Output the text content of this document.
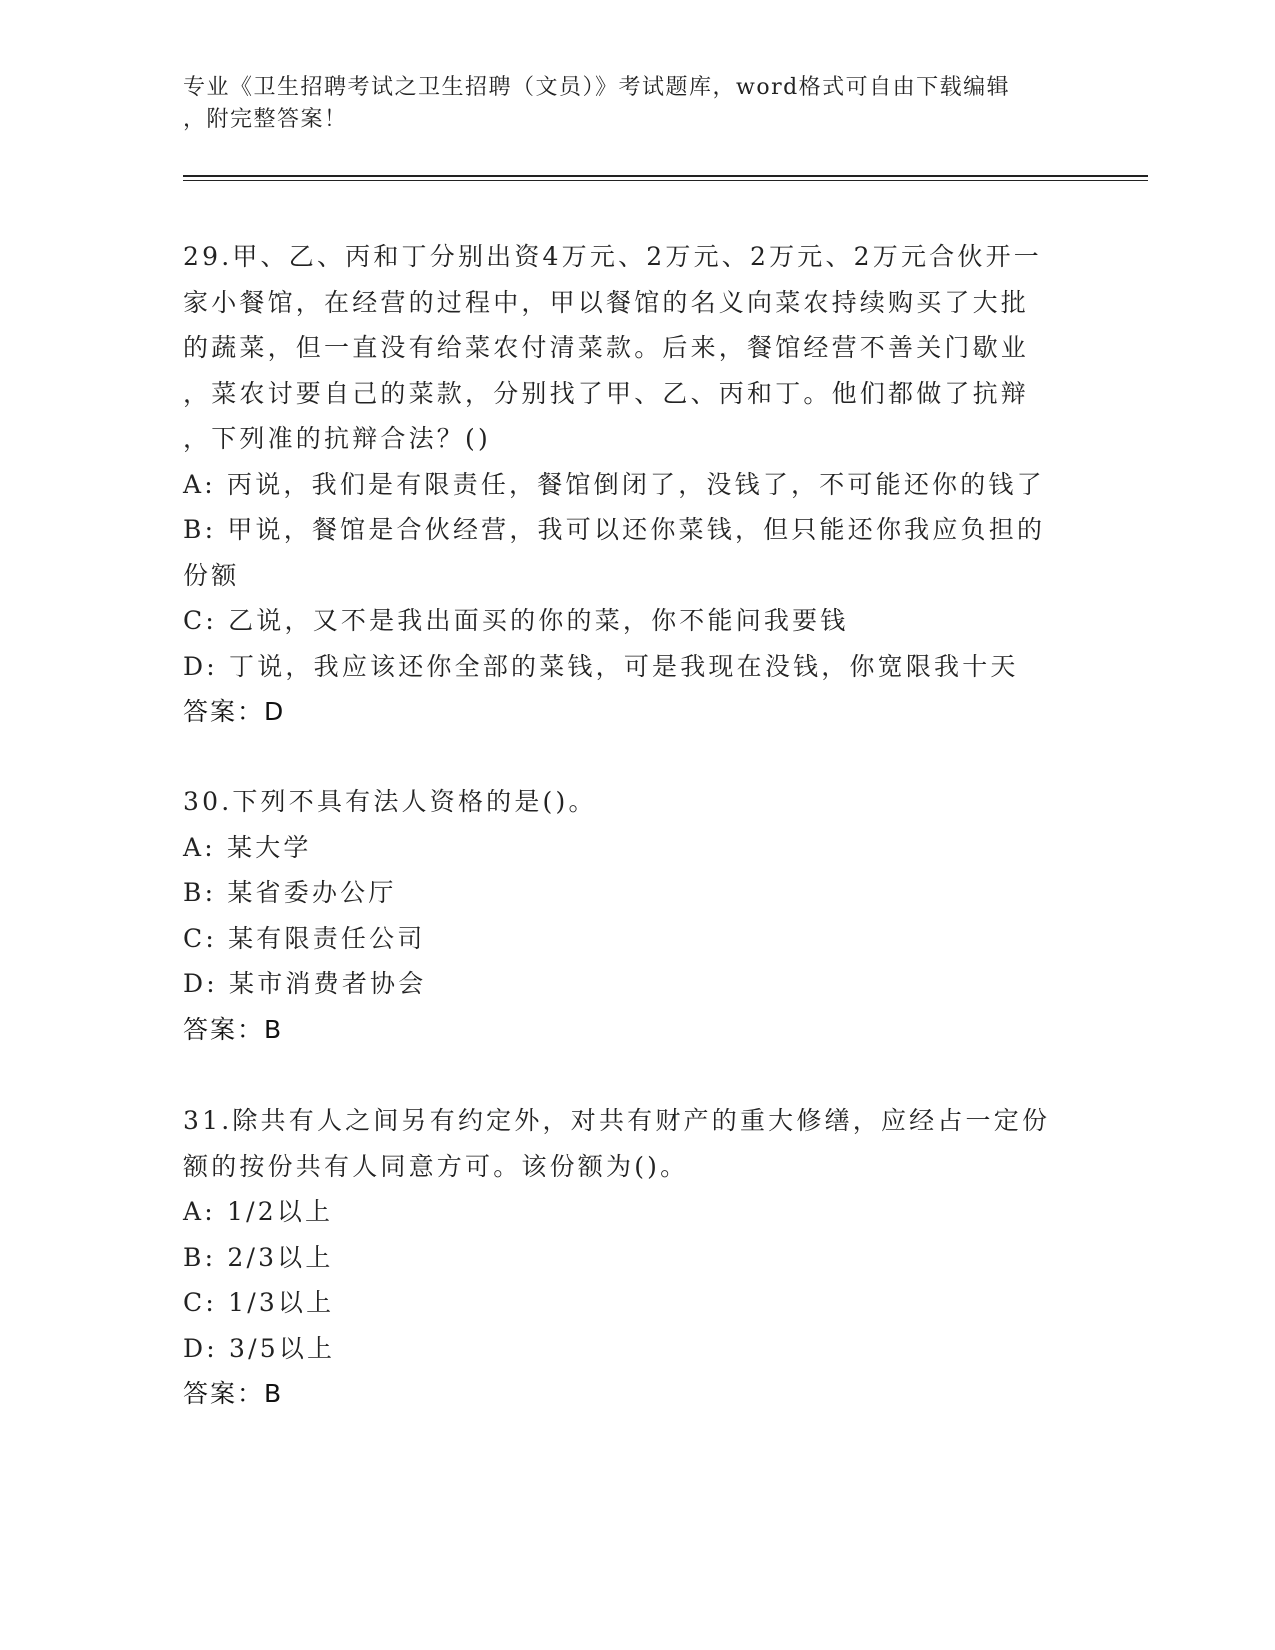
专业《卫生招聘考试之卫生招聘（文员）》考试题库，word格式可自由下载编辑
，附完整答案！
29.甲、乙、丙和丁分别出资4万元、2万元、2万元、2万元合伙开一
家小餐馆，在经营的过程中，甲以餐馆的名义向菜农持续购买了大批
的蔬菜，但一直没有给菜农付清菜款。后来，餐馆经营不善关门歇业
，菜农讨要自己的菜款，分别找了甲、乙、丙和丁。他们都做了抗辩
，下列准的抗辩合法？()
A: 丙说，我们是有限责任，餐馆倒闭了，没钱了，不可能还你的钱了
B: 甲说，餐馆是合伙经营，我可以还你菜钱，但只能还你我应负担的
份额
C: 乙说，又不是我出面买的你的菜，你不能问我要钱
D: 丁说，我应该还你全部的菜钱，可是我现在没钱，你宽限我十天
答案：D
30.下列不具有法人资格的是()。
A: 某大学
B: 某省委办公厅
C: 某有限责任公司
D: 某市消费者协会
答案：B
31.除共有人之间另有约定外，对共有财产的重大修缮，应经占一定份
额的按份共有人同意方可。该份额为()。
A: 1/2以上
B: 2/3以上
C: 1/3以上
D: 3/5以上
答案：B
